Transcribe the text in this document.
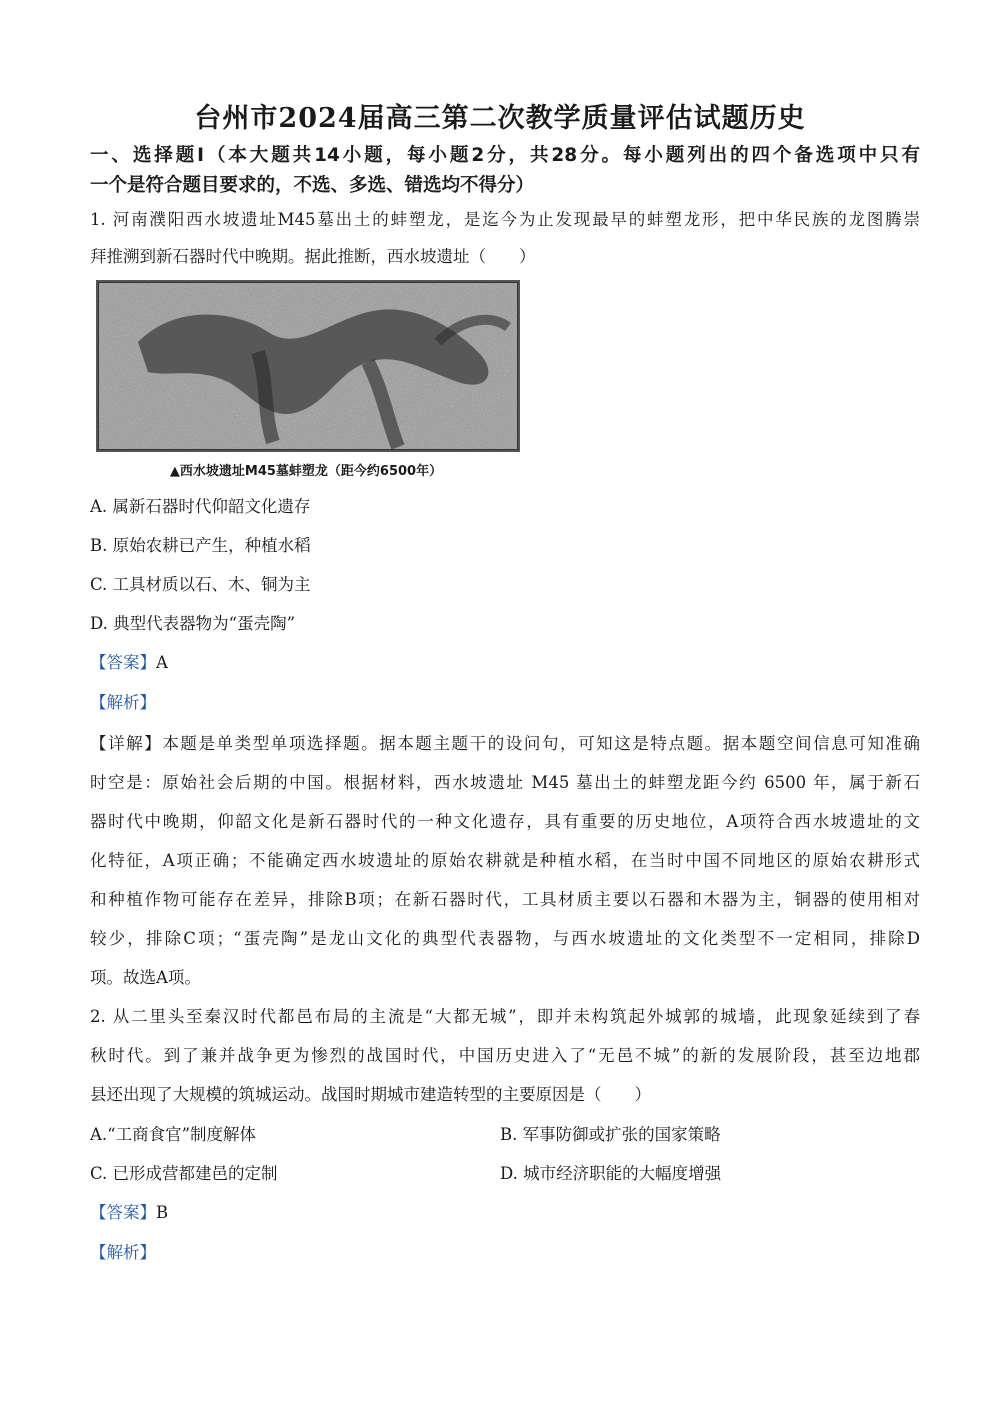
台州市2024届高三第二次教学质量评估试题历史
一、选择题Ⅰ（本大题共14小题，每小题2分，共28分。每小题列出的四个备选项中只有
一个是符合题目要求的，不选、多选、错选均不得分）
1. 河南濮阳西水坡遗址M45墓出土的蚌塑龙，是迄今为止发现最早的蚌塑龙形，把中华民族的龙图腾崇
拜推溯到新石器时代中晚期。据此推断，西水坡遗址（　　）
▲西水坡遗址M45墓蚌塑龙（距今约6500年）
A. 属新石器时代仰韶文化遗存
B. 原始农耕已产生，种植水稻
C. 工具材质以石、木、铜为主
D. 典型代表器物为“蛋壳陶”
【答案】A
【解析】
【详解】本题是单类型单项选择题。据本题主题干的设问句，可知这是特点题。据本题空间信息可知准确
时空是：原始社会后期的中国。根据材料，西水坡遗址 M45 墓出土的蚌塑龙距今约 6500 年，属于新石
器时代中晚期，仰韶文化是新石器时代的一种文化遗存，具有重要的历史地位，A项符合西水坡遗址的文
化特征，A项正确；不能确定西水坡遗址的原始农耕就是种植水稻，在当时中国不同地区的原始农耕形式
和种植作物可能存在差异，排除B项；在新石器时代，工具材质主要以石器和木器为主，铜器的使用相对
较少，排除C项；“蛋壳陶”是龙山文化的典型代表器物，与西水坡遗址的文化类型不一定相同，排除D
项。故选A项。
2. 从二里头至秦汉时代都邑布局的主流是“大都无城”，即并未构筑起外城郭的城墙，此现象延续到了春
秋时代。到了兼并战争更为惨烈的战国时代，中国历史进入了“无邑不城”的新的发展阶段，甚至边地郡
县还出现了大规模的筑城运动。战国时期城市建造转型的主要原因是（　　）
A.“工商食官”制度解体	B. 军事防御或扩张的国家策略
C. 已形成营都建邑的定制	D. 城市经济职能的大幅度增强
【答案】B
【解析】
